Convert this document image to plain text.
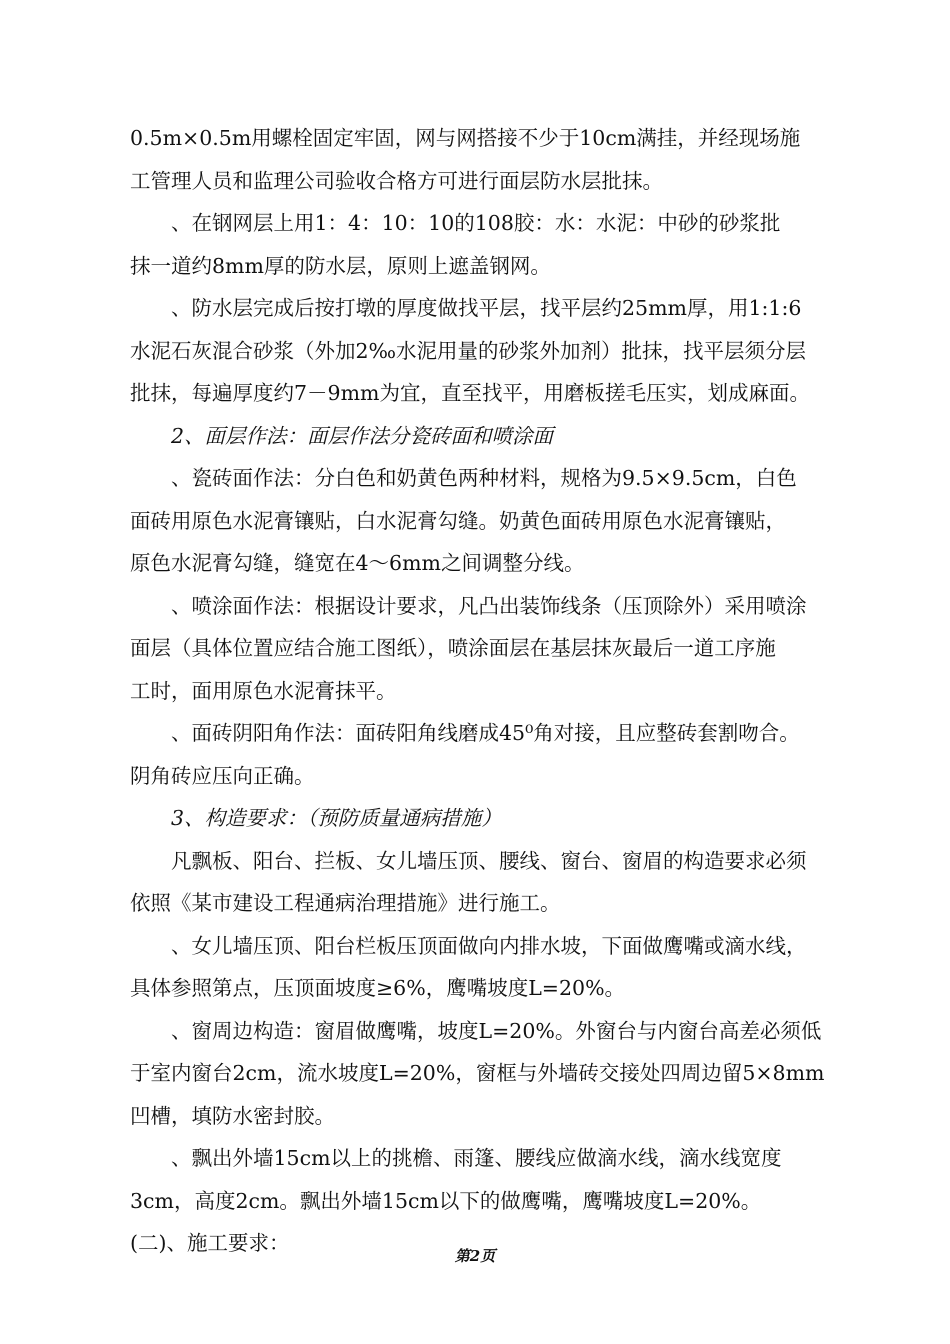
0.5m×0.5m用螺栓固定牢固，网与网搭接不少于10cm满挂，并经现场施
工管理人员和监理公司验收合格方可进行面层防水层批抹。
、在钢网层上用1：4：10：10的108胶：水：水泥：中砂的砂浆批
抹一道约8mm厚的防水层，原则上遮盖钢网。
、防水层完成后按打墩的厚度做找平层，找平层约25mm厚，用1:1:6
水泥石灰混合砂浆（外加2‰水泥用量的砂浆外加剂）批抹，找平层须分层
批抹，每遍厚度约7－9mm为宜，直至找平，用磨板搓毛压实，划成麻面。
2、面层作法：面层作法分瓷砖面和喷涂面
、瓷砖面作法：分白色和奶黄色两种材料，规格为9.5×9.5cm，白色
面砖用原色水泥膏镶贴，白水泥膏勾缝。奶黄色面砖用原色水泥膏镶贴，
原色水泥膏勾缝，缝宽在4～6mm之间调整分线。
、喷涂面作法：根据设计要求，凡凸出装饰线条（压顶除外）采用喷涂
面层（具体位置应结合施工图纸），喷涂面层在基层抹灰最后一道工序施
工时，面用原色水泥膏抹平。
、面砖阴阳角作法：面砖阳角线磨成45⁰角对接，且应整砖套割吻合。
阴角砖应压向正确。
3、构造要求：（预防质量通病措施）
凡飘板、阳台、拦板、女儿墙压顶、腰线、窗台、窗眉的构造要求必须
依照《某市建设工程通病治理措施》进行施工。
、女儿墙压顶、阳台栏板压顶面做向内排水坡，下面做鹰嘴或滴水线，
具体参照第点，压顶面坡度≥6%，鹰嘴坡度L=20%。
、窗周边构造：窗眉做鹰嘴，坡度L=20%。外窗台与内窗台高差必须低
于室内窗台2cm，流水坡度L=20%，窗框与外墙砖交接处四周边留5×8mm
凹槽，填防水密封胶。
、飘出外墙15cm以上的挑檐、雨篷、腰线应做滴水线，滴水线宽度
3cm，高度2cm。飘出外墙15cm以下的做鹰嘴，鹰嘴坡度L=20%。
(二)、施工要求：
第2页
